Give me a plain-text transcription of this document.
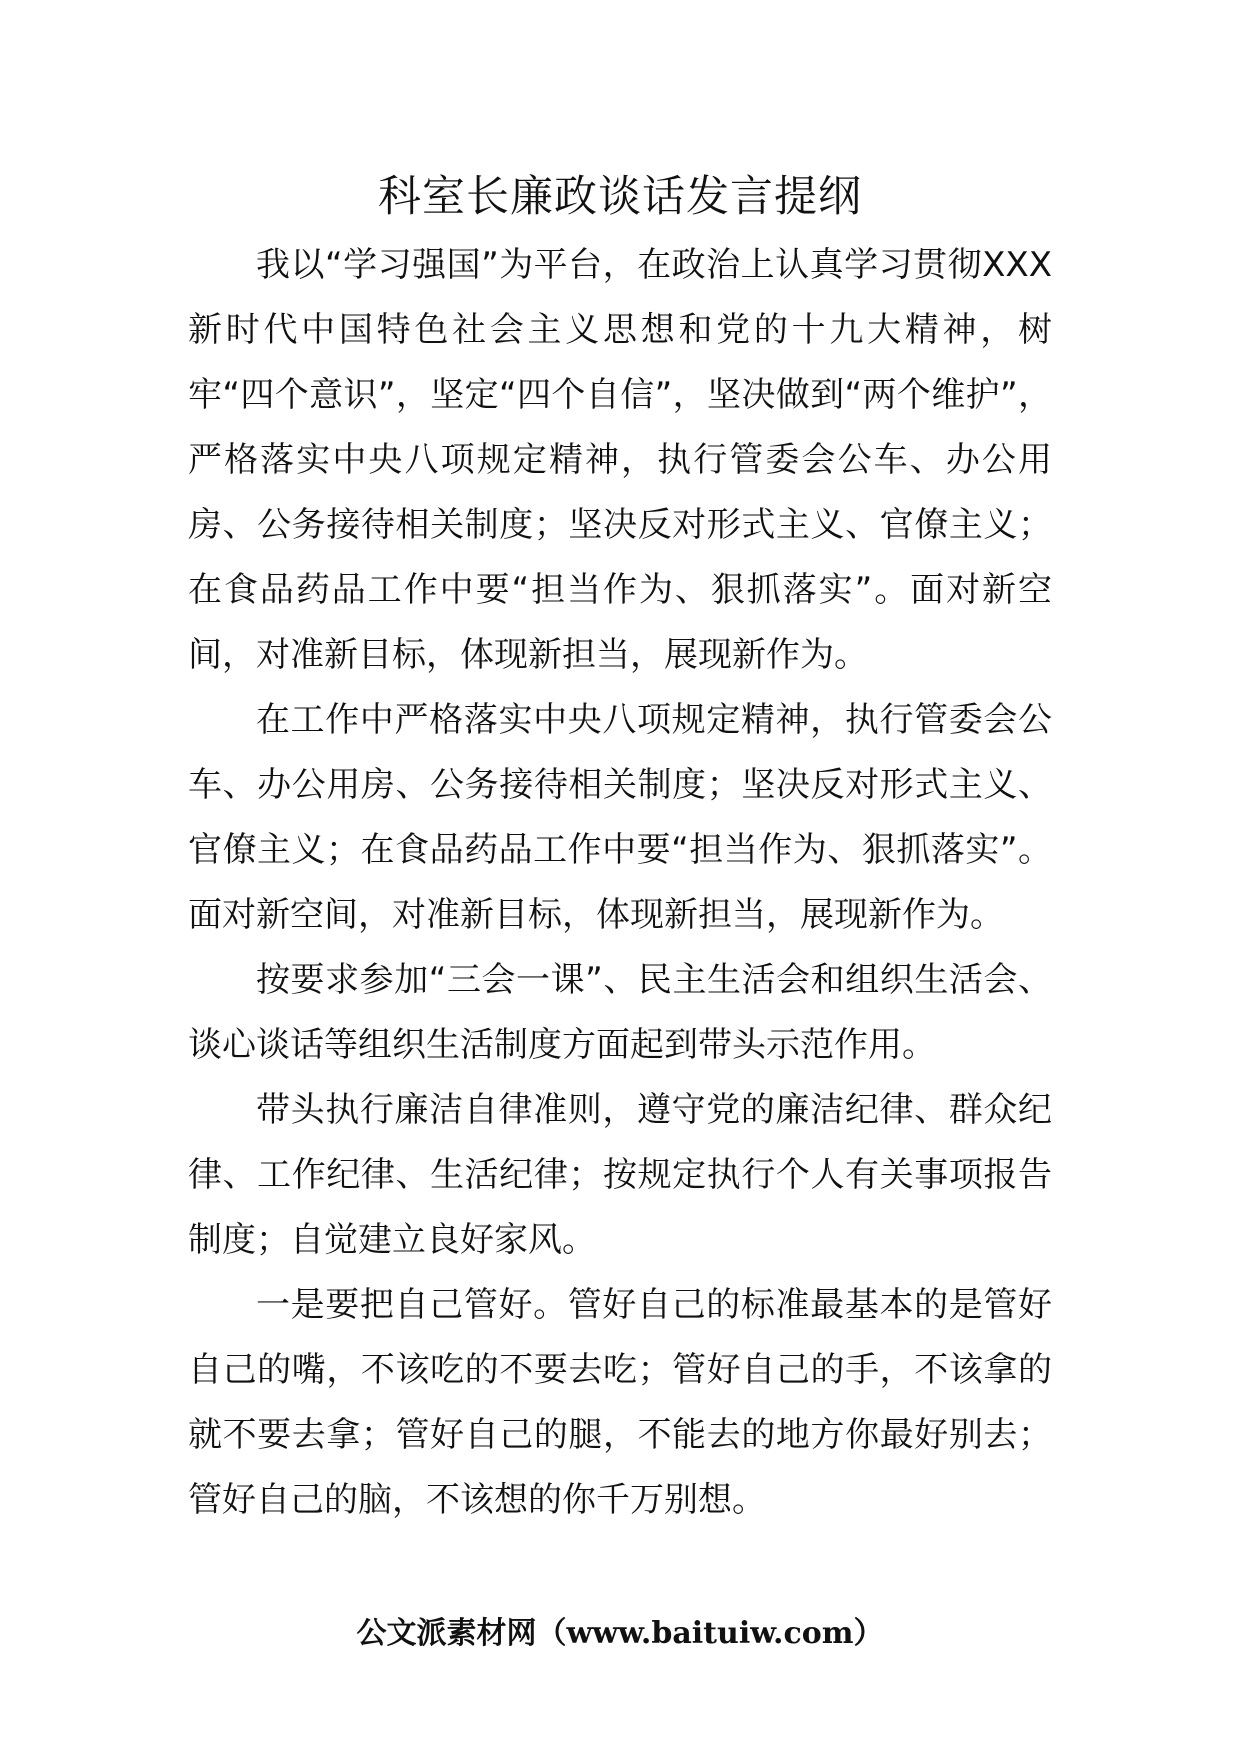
科室长廉政谈话发言提纲

我以“学习强国”为平台，在政治上认真学习贯彻XXX新时代中国特色社会主义思想和党的十九大精神，树牢“四个意识”，坚定“四个自信”，坚决做到“两个维护”，严格落实中央八项规定精神，执行管委会公车、办公用房、公务接待相关制度；坚决反对形式主义、官僚主义；在食品药品工作中要“担当作为、狠抓落实”。面对新空间，对准新目标，体现新担当，展现新作为。

在工作中严格落实中央八项规定精神，执行管委会公车、办公用房、公务接待相关制度；坚决反对形式主义、官僚主义；在食品药品工作中要“担当作为、狠抓落实”。面对新空间，对准新目标，体现新担当，展现新作为。

按要求参加“三会一课”、民主生活会和组织生活会、谈心谈话等组织生活制度方面起到带头示范作用。

带头执行廉洁自律准则，遵守党的廉洁纪律、群众纪律、工作纪律、生活纪律；按规定执行个人有关事项报告制度；自觉建立良好家风。

一是要把自己管好。管好自己的标准最基本的是管好自己的嘴，不该吃的不要去吃；管好自己的手，不该拿的就不要去拿；管好自己的腿，不能去的地方你最好别去；管好自己的脑，不该想的你千万别想。

公文派素材网（www.baituiw.com）
